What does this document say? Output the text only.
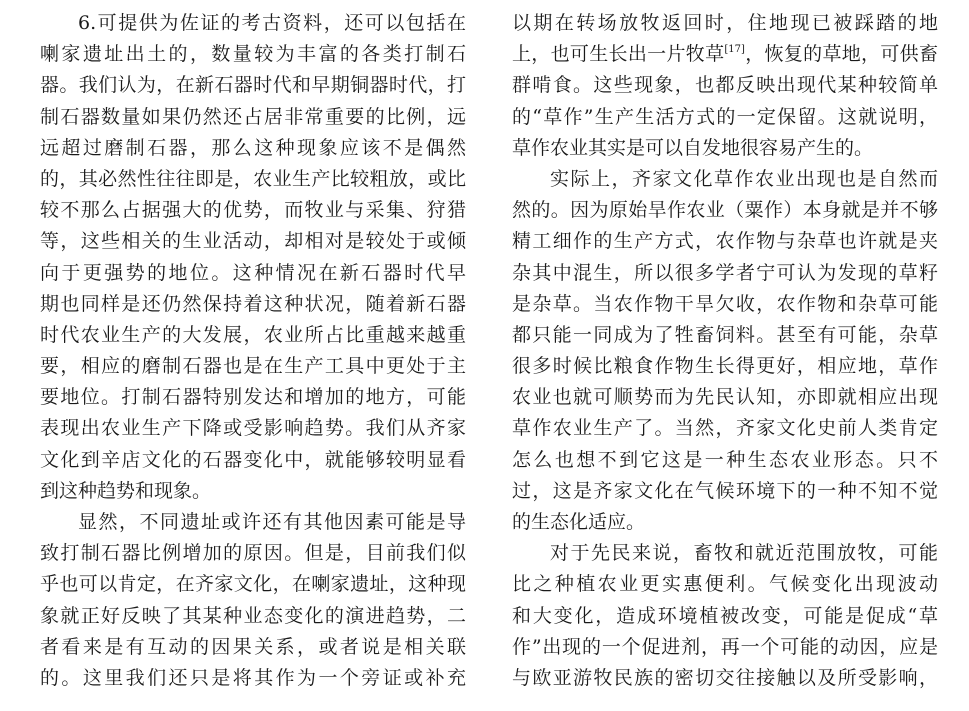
6.可提供为佐证的考古资料，还可以包括在
喇家遗址出土的，数量较为丰富的各类打制石
器。我们认为，在新石器时代和早期铜器时代，打
制石器数量如果仍然还占居非常重要的比例，远
远超过磨制石器，那么这种现象应该不是偶然
的，其必然性往往即是，农业生产比较粗放，或比
较不那么占据强大的优势，而牧业与采集、狩猎
等，这些相关的生业活动，却相对是较处于或倾
向于更强势的地位。这种情况在新石器时代早
期也同样是还仍然保持着这种状况，随着新石器
时代农业生产的大发展，农业所占比重越来越重
要，相应的磨制石器也是在生产工具中更处于主
要地位。打制石器特别发达和增加的地方，可能
表现出农业生产下降或受影响趋势。我们从齐家
文化到辛店文化的石器变化中，就能够较明显看
到这种趋势和现象。
显然，不同遗址或许还有其他因素可能是导
致打制石器比例增加的原因。但是，目前我们似
乎也可以肯定，在齐家文化，在喇家遗址，这种现
象就正好反映了其某种业态变化的演进趋势，二
者看来是有互动的因果关系，或者说是相关联
的。这里我们还只是将其作为一个旁证或补充
以期在转场放牧返回时，住地现已被踩踏的地
上，也可生长出一片牧草[17]，恢复的草地，可供畜
群啃食。这些现象，也都反映出现代某种较简单
的“草作”生产生活方式的一定保留。这就说明，
草作农业其实是可以自发地很容易产生的。
实际上，齐家文化草作农业出现也是自然而
然的。因为原始旱作农业（粟作）本身就是并不够
精工细作的生产方式，农作物与杂草也许就是夹
杂其中混生，所以很多学者宁可认为发现的草籽
是杂草。当农作物干旱欠收，农作物和杂草可能
都只能一同成为了牲畜饲料。甚至有可能，杂草
很多时候比粮食作物生长得更好，相应地，草作
农业也就可顺势而为先民认知，亦即就相应出现
草作农业生产了。当然，齐家文化史前人类肯定
怎么也想不到它这是一种生态农业形态。只不
过，这是齐家文化在气候环境下的一种不知不觉
的生态化适应。
对于先民来说，畜牧和就近范围放牧，可能
比之种植农业更实惠便利。气候变化出现波动
和大变化，造成环境植被改变，可能是促成“草
作”出现的一个促进剂，再一个可能的动因，应是
与欧亚游牧民族的密切交往接触以及所受影响，
